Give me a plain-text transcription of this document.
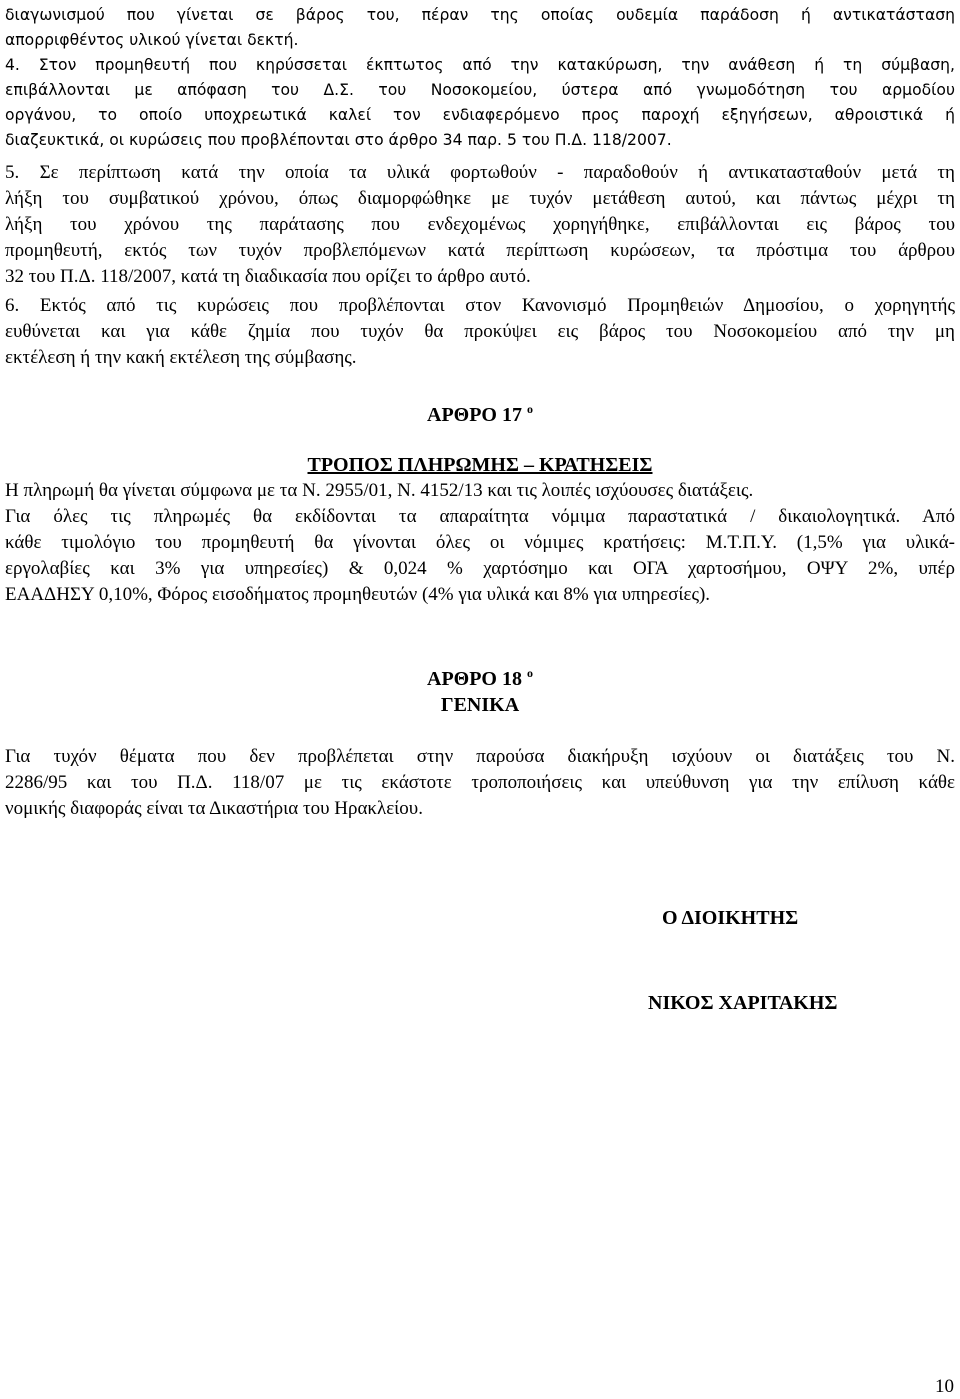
διαγωνισμού που γίνεται σε βάρος του, πέραν της οποίας ουδεμία παράδοση ή αντικατάσταση

απορριφθέντος υλικού γίνεται δεκτή.

4. Στον προμηθευτή που κηρύσσεται έκπτωτος από την κατακύρωση, την ανάθεση ή τη σύμβαση,

επιβάλλονται με απόφαση του Δ.Σ. του Νοσοκομείου, ύστερα από γνωμοδότηση του αρμοδίου

οργάνου, το οποίο υποχρεωτικά καλεί τον ενδιαφερόμενο προς παροχή εξηγήσεων, αθροιστικά ή

διαζευκτικά, οι κυρώσεις που προβλέπονται στο άρθρο 34 παρ. 5 του Π.Δ. 118/2007.

5. Σε περίπτωση κατά την οποία τα υλικά φορτωθούν - παραδοθούν ή αντικατασταθούν μετά τη

λήξη του συμβατικού χρόνου, όπως διαμορφώθηκε με τυχόν μετάθεση αυτού, και πάντως μέχρι τη

λήξη του χρόνου της παράτασης που ενδεχομένως χορηγήθηκε, επιβάλλονται εις βάρος του

προμηθευτή, εκτός των τυχόν προβλεπόμενων κατά περίπτωση κυρώσεων, τα πρόστιμα του άρθρου

32 του Π.Δ. 118/2007, κατά τη διαδικασία που ορίζει το άρθρο αυτό.

6. Εκτός από τις κυρώσεις που προβλέπονται στον Κανονισμό Προμηθειών Δημοσίου, ο χορηγητής

ευθύνεται και για κάθε ζημία που τυχόν θα προκύψει εις βάρος του Νοσοκομείου από την μη

εκτέλεση ή την κακή εκτέλεση της σύμβασης.

ΑΡΘΡΟ 17 $^o$

ΤΡΟΠΟΣ ΠΛΗΡΩΜΗΣ – ΚΡΑΤΗΣΕΙΣ

Η πληρωμή θα γίνεται σύμφωνα με τα Ν. 2955/01, Ν. 4152/13 και τις λοιπές ισχύουσες διατάξεις.

Για όλες τις πληρωμές θα εκδίδονται τα απαραίτητα νόμιμα παραστατικά / δικαιολογητικά. Από

κάθε τιμολόγιο του προμηθευτή θα γίνονται όλες οι νόμιμες κρατήσεις: Μ.Τ.Π.Υ. (1,5% για υλικά-

εργολαβίες και 3% για υπηρεσίες) & 0,024 % χαρτόσημο και ΟΓΑ χαρτοσήμου, ΟΨΥ 2%, υπέρ

ΕΑΑΔΗΣΥ 0,10%, Φόρος εισοδήματος προμηθευτών (4% για υλικά και 8% για υπηρεσίες).

ΑΡΘΡΟ 18 $^o$

ΓΕΝΙΚΑ

Για τυχόν θέματα που δεν προβλέπεται στην παρούσα διακήρυξη ισχύουν οι διατάξεις του Ν.

2286/95 και του Π.Δ. 118/07 με τις εκάστοτε τροποποιήσεις και υπεύθυνση για την επίλυση κάθε

νομικής διαφοράς είναι τα Δικαστήρια του Ηρακλείου.

Ο ΔΙΟΙΚΗΤΗΣ

ΝΙΚΟΣ ΧΑΡΙΤΑΚΗΣ

10
